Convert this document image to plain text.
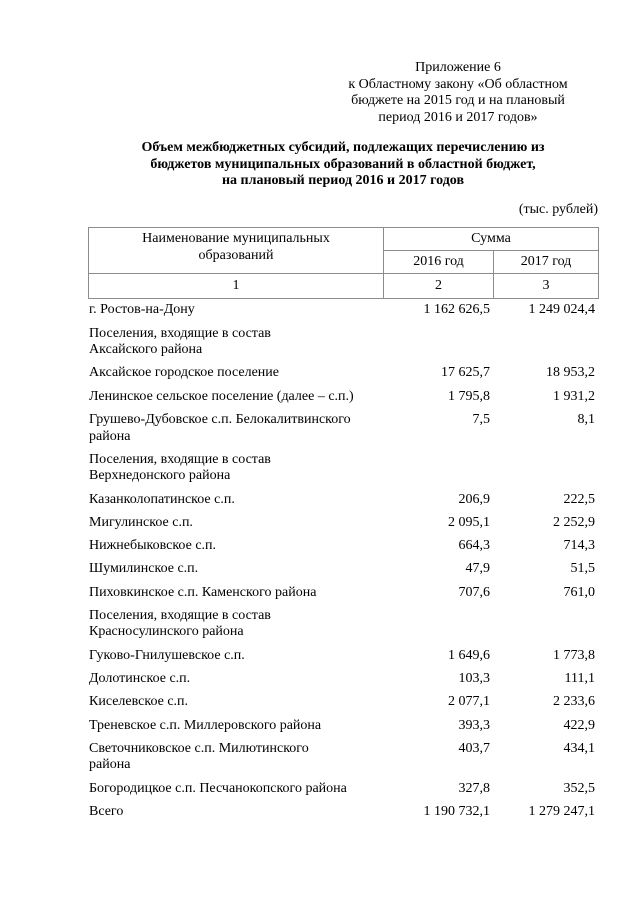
Приложение 6
к Областному закону «Об областном
бюджете на 2015 год и на плановый
период 2016 и 2017 годов»
Объем межбюджетных субсидий, подлежащих перечислению из
бюджетов муниципальных образований в областной бюджет,
на плановый период 2016 и 2017 годов
(тыс. рублей)
Наименование муниципальных
образований	Сумма	
	2016 год	2017 год
1	2	3
г. Ростов-на-Дону	1 162 626,5	1 249 024,4
Поселения, входящие в состав
Аксайского района		
Аксайское городское поселение	17 625,7	18 953,2
Ленинское сельское поселение (далее – с.п.)	1 795,8	1 931,2
Грушево-Дубовское с.п. Белокалитвинского
района	7,5	8,1
Поселения, входящие в состав
Верхнедонского района		
Казанколопатинское с.п.	206,9	222,5
Мигулинское с.п.	2 095,1	2 252,9
Нижнебыковское с.п.	664,3	714,3
Шумилинское с.п.	47,9	51,5
Пиховкинское с.п. Каменского района	707,6	761,0
Поселения, входящие в состав
Красносулинского района		
Гуково-Гнилушевское с.п.	1 649,6	1 773,8
Долотинское с.п.	103,3	111,1
Киселевское с.п.	2 077,1	2 233,6
Треневское с.п. Миллеровского района	393,3	422,9
Светочниковское с.п. Милютинского
района	403,7	434,1
Богородицкое с.п. Песчанокопского района	327,8	352,5
Всего	1 190 732,1	1 279 247,1
